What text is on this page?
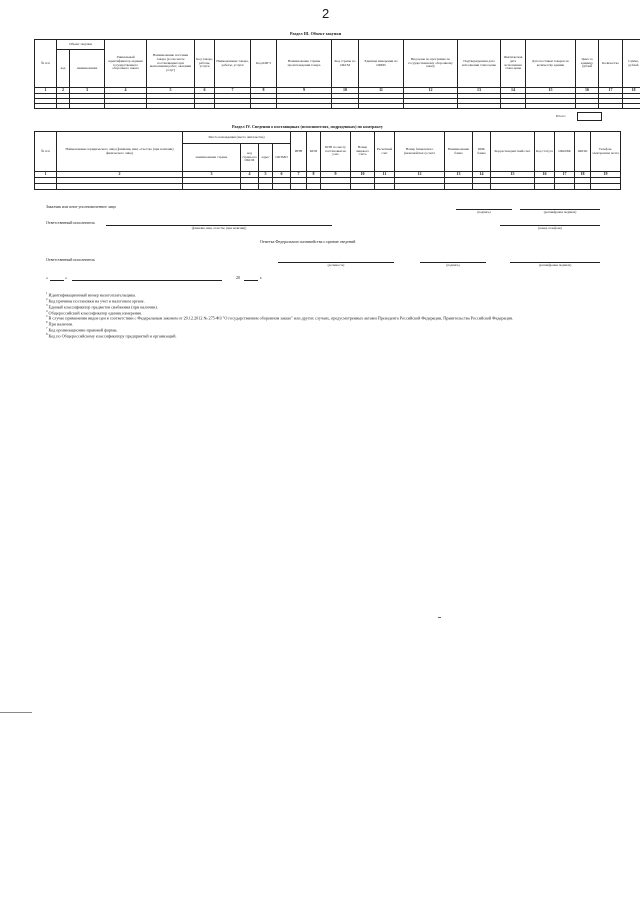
2
Раздел III. Объект закупки
№ п/п	Объект закупки		Уникальный идентификатор задания государственного оборонного заказа	Наименование поставки товара (в том числе поставляемых при выполнении работ, оказании услуг)	Код товара, работы, услуги	Наименование товара, работы, услуги	Код КПГЗ	Наименование страны происхождения товара	Код страны по ОКСМ	Единица измерения по ОКЕИ	Вид цены по программе по государственному оборонному заказу	Подтвержденная дата исполнения этапа цены	Фактическая дата исполнения этапа цены	Дата поставки товаров по количеству единиц	Цена за единицу, рублей	Количество	Сумма, рублей
	код	наименование															
1	2	3	4	5	6	7	8	9	10	11	12	13	14	15	16	17	18

Итого:
Раздел IV. Сведения о поставщиках (исполнителях, подрядчиках) по контракту
№ п/п	Наименование юридического лица (фамилия, имя, отчество (при наличии) физического лица)	Место нахождения (место жительства)				ИНН	КПП	КПП по месту постановки на учет	Номер лицевого счета	Расчетный счет	Номер банковского (казначейского) счета	Наименование банка	БИК банка	Корреспондентский счет	Код статуса	ОКОПФ	ОКПО	Телефон, электронная почта
		наименование страны	код страны по ОКСМ	адрес	ОКТМО													
1	2	3	4	5	6	7	8	9	10	11	12	13	14	15	16	17	18	19

Заказчик или иное уполномоченное лицо
(подпись)	(расшифровка подписи)
Ответственный исполнитель
(фамилия, имя, отчество (при наличии))	(номер телефона)
Отметка Федерального казначейства о приеме сведений
Ответственный исполнитель
(должность)	(подпись)	(расшифровка подписи)
«	»	20	г.
$^1$ Идентификационный номер налогоплательщика.
$^2$ Код причины постановки на учет в налоговом органе.
$^3$ Единый классификатор предметов снабжения (при наличии).
$^4$ Общероссийский классификатор единиц измерения.
$^5$ В случае применения видов цен в соответствии с Федеральным законом от 29.12.2012 № 275-ФЗ "О государственном оборонном заказе" или других случаях, предусмотренных актами Президента Российской Федерации, Правительства Российской Федерации.
$^6$ При наличии.
$^7$ Код организационно-правовой формы.
$^8$ Код по Общероссийскому классификатору предприятий и организаций.
